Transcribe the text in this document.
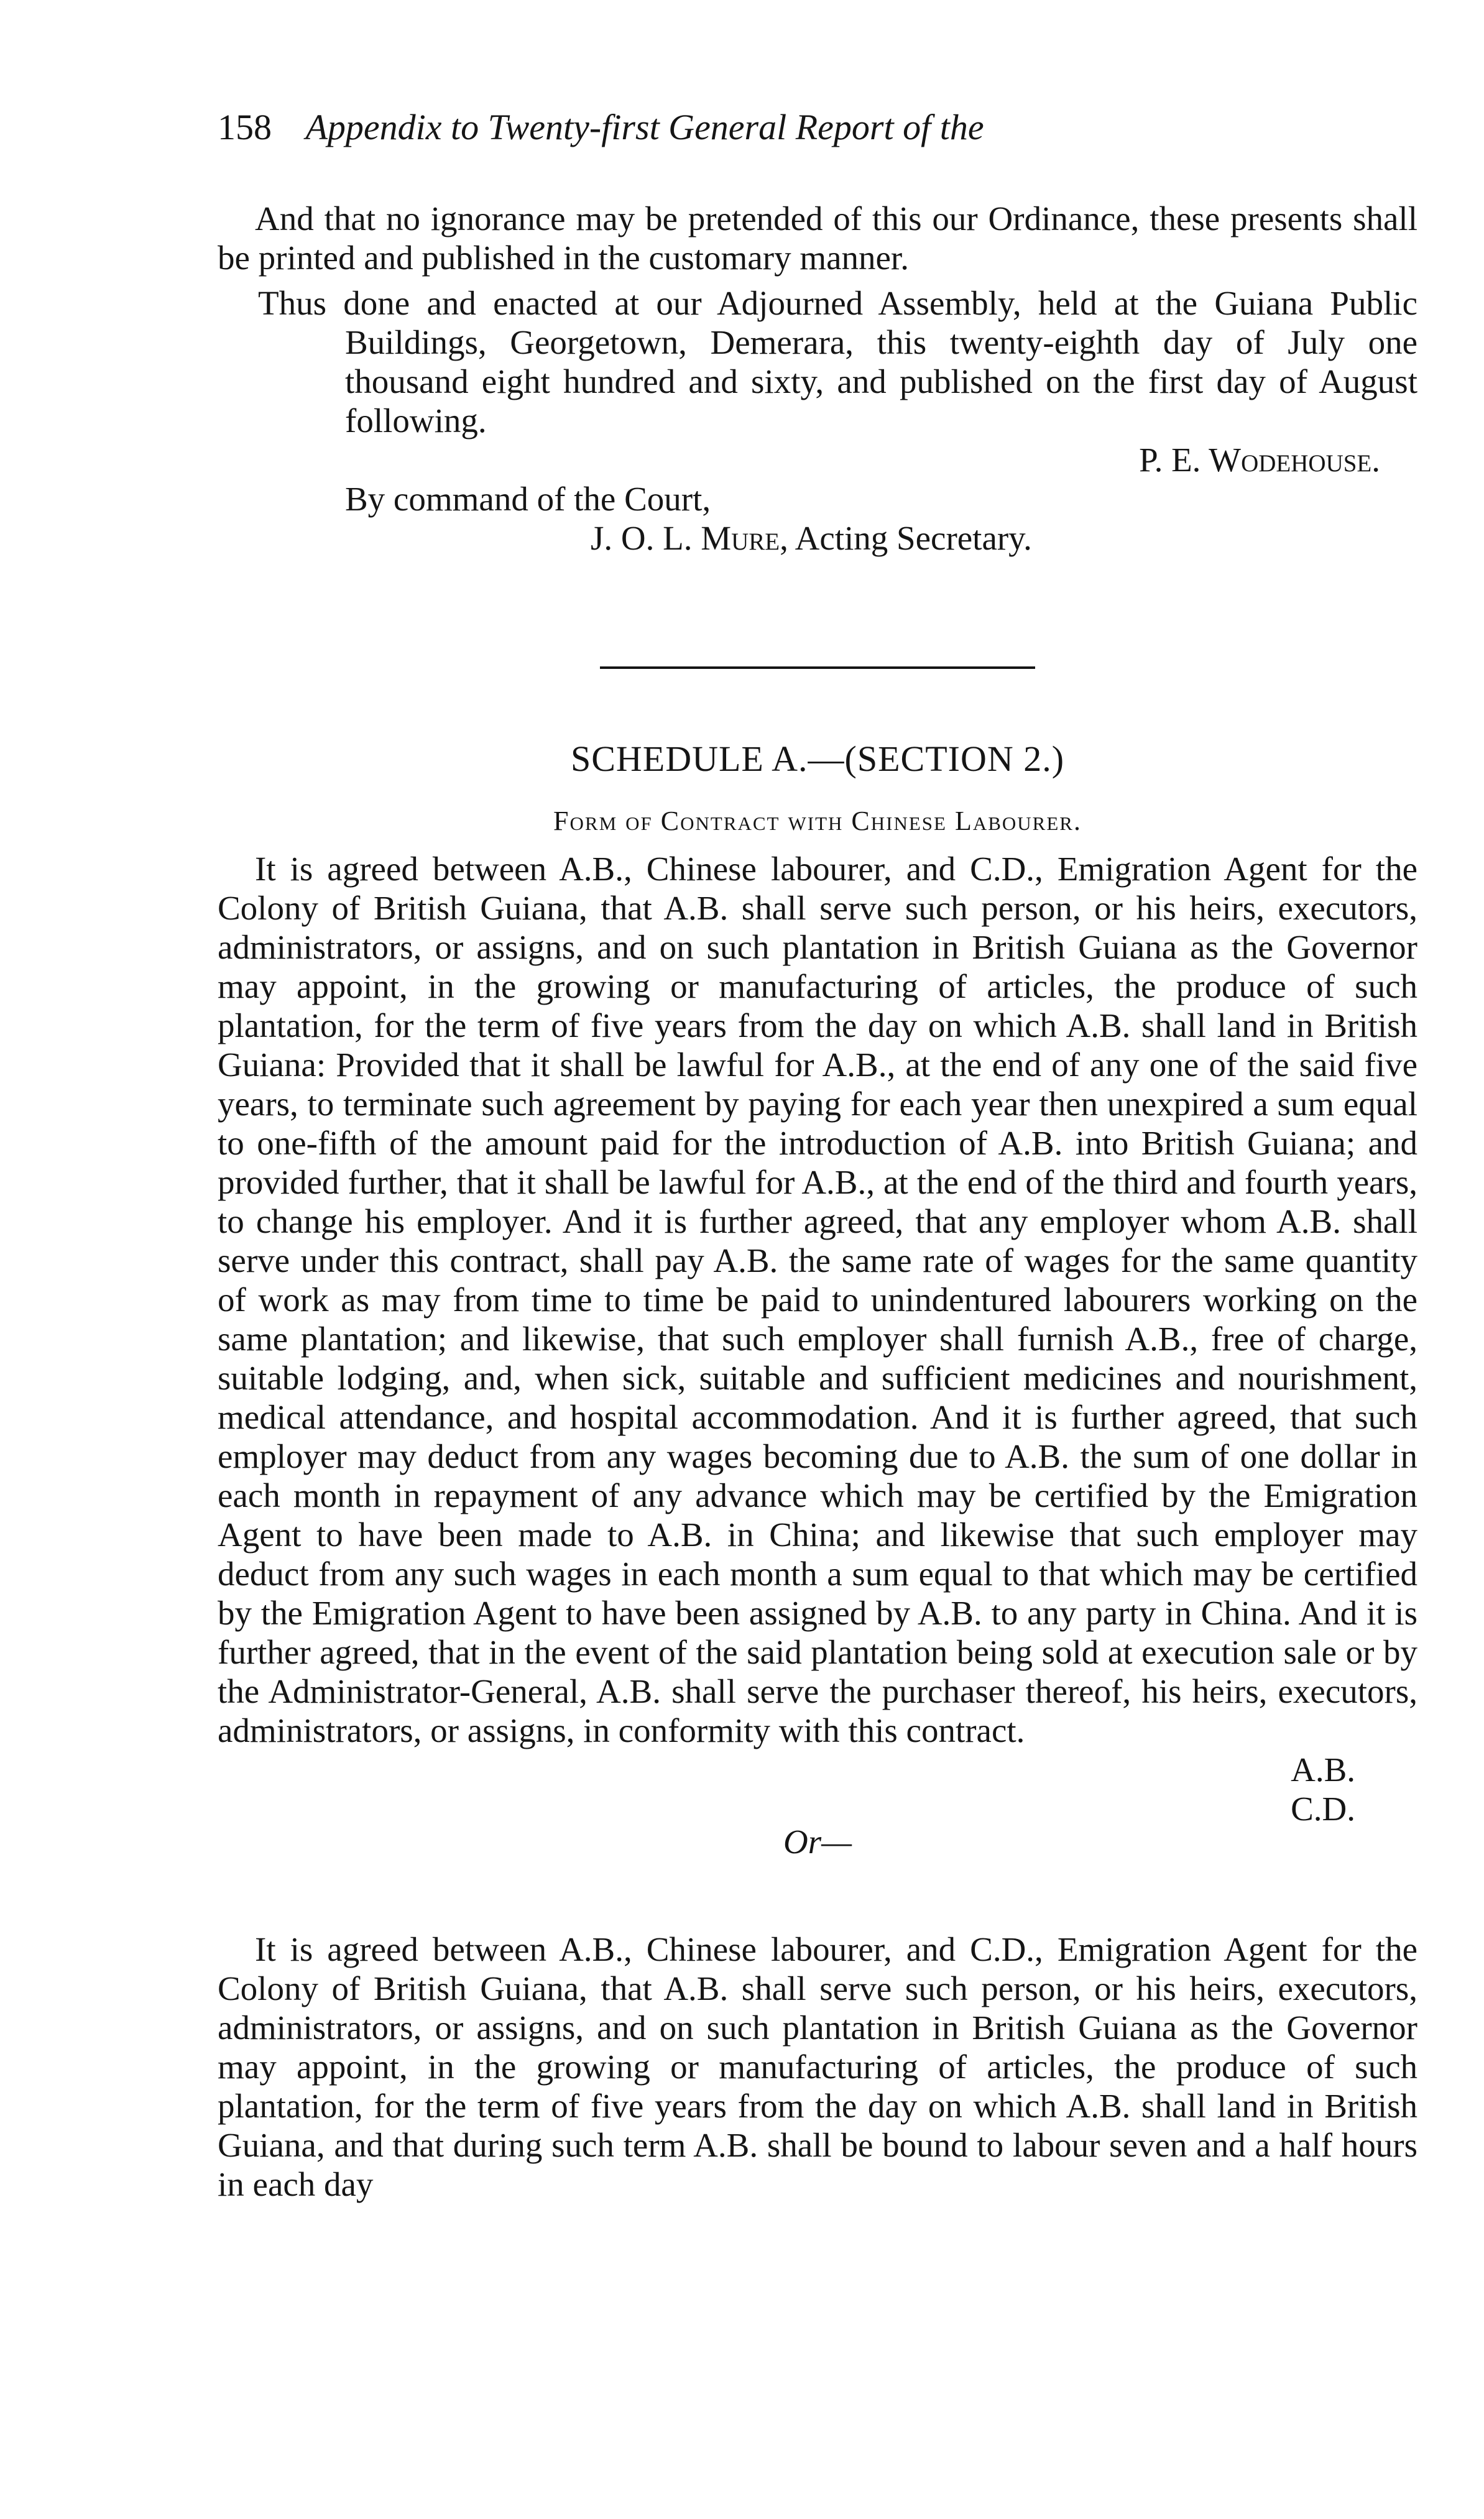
158 Appendix to Twenty-first General Report of the

And that no ignorance may be pretended of this our Ordinance, these presents shall be printed and published in the customary manner.

Thus done and enacted at our Adjourned Assembly, held at the Guiana Public Buildings, Georgetown, Demerara, this twenty-eighth day of July one thousand eight hundred and sixty, and published on the first day of August following.

P. E. Wodehouse.
By command of the Court,
J. O. L. Mure, Acting Secretary.
SCHEDULE A.—(SECTION 2.)
Form of Contract with Chinese Labourer.

It is agreed between A.B., Chinese labourer, and C.D., Emigration Agent for the Colony of British Guiana, that A.B. shall serve such person, or his heirs, executors, administrators, or assigns, and on such plantation in British Guiana as the Governor may appoint, in the growing or manufacturing of articles, the produce of such plantation, for the term of five years from the day on which A.B. shall land in British Guiana: Provided that it shall be lawful for A.B., at the end of any one of the said five years, to terminate such agreement by paying for each year then unexpired a sum equal to one-fifth of the amount paid for the introduction of A.B. into British Guiana; and provided further, that it shall be lawful for A.B., at the end of the third and fourth years, to change his employer. And it is further agreed, that any employer whom A.B. shall serve under this contract, shall pay A.B. the same rate of wages for the same quantity of work as may from time to time be paid to unindentured labourers working on the same plantation; and likewise, that such employer shall furnish A.B., free of charge, suitable lodging, and, when sick, suitable and sufficient medicines and nourishment, medical attendance, and hospital accommodation. And it is further agreed, that such employer may deduct from any wages becoming due to A.B. the sum of one dollar in each month in repayment of any advance which may be certified by the Emigration Agent to have been made to A.B. in China; and likewise that such employer may deduct from any such wages in each month a sum equal to that which may be certified by the Emigration Agent to have been assigned by A.B. to any party in China. And it is further agreed, that in the event of the said plantation being sold at execution sale or by the Administrator-General, A.B. shall serve the purchaser thereof, his heirs, executors, administrators, or assigns, in conformity with this contract.

A.B.
C.D.
Or—

It is agreed between A.B., Chinese labourer, and C.D., Emigration Agent for the Colony of British Guiana, that A.B. shall serve such person, or his heirs, executors, administrators, or assigns, and on such plantation in British Guiana as the Governor may appoint, in the growing or manufacturing of articles, the produce of such plantation, for the term of five years from the day on which A.B. shall land in British Guiana, and that during such term A.B. shall be bound to labour seven and a half hours in each day
